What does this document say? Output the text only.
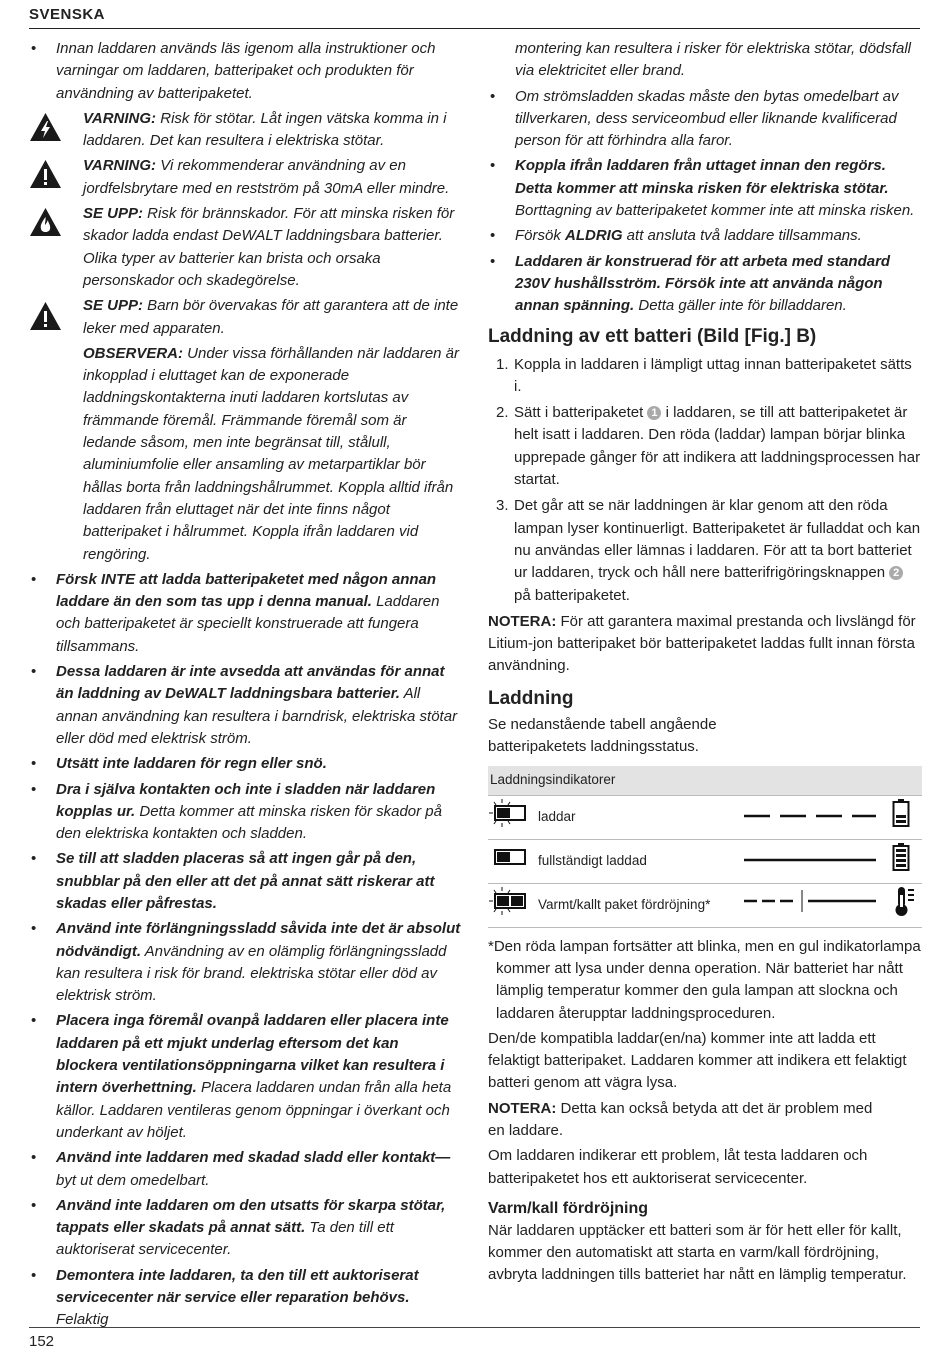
SVENSKA

• Innan laddaren används läs igenom alla instruktioner och varningar om laddaren, batteripaket och produkten för användning av batteripaketet.

VARNING: Risk för stötar. Låt ingen vätska komma in i laddaren. Det kan resultera i elektriska stötar.
VARNING: Vi rekommenderar användning av en jordfelsbrytare med en restström på 30mA eller mindre.
SE UPP: Risk för brännskador. För att minska risken för skador ladda endast DeWALT laddningsbara batterier. Olika typer av batterier kan brista och orsaka personskador och skadegörelse.
SE UPP: Barn bör övervakas för att garantera att de inte leker med apparaten.
OBSERVERA: Under vissa förhållanden när laddaren är inkopplad i eluttaget kan de exponerade laddningskontakterna inuti laddaren kortslutas av främmande föremål. Främmande föremål som är ledande såsom, men inte begränsat till, stålull, aluminiumfolie eller ansamling av metarpartiklar bör hållas borta från laddningshålrummet. Koppla alltid ifrån laddaren från eluttaget när det inte finns något batteripaket i hålrummet. Koppla ifrån laddaren vid rengöring.

• Försk INTE att ladda batteripaketet med någon annan laddare än den som tas upp i denna manual. Laddaren och batteripaketet är speciellt konstruerade att fungera tillsammans.

• Dessa laddaren är inte avsedda att användas för annat än laddning av DeWALT laddningsbara batterier. All annan användning kan resultera i barndrisk, elektriska stötar eller död med elektrisk ström.

• Utsätt inte laddaren för regn eller snö.

• Dra i själva kontakten och inte i sladden när laddaren kopplas ur. Detta kommer att minska risken för skador på den elektriska kontakten och sladden.

• Se till att sladden placeras så att ingen går på den, snubblar på den eller att det på annat sätt riskerar att skadas eller påfrestas.

• Använd inte förlängningssladd såvida inte det är absolut nödvändigt. Användning av en olämplig förlängningssladd kan resultera i risk för brand. elektriska stötar eller död av elektrisk ström.

• Placera inga föremål ovanpå laddaren eller placera inte laddaren på ett mjukt underlag eftersom det kan blockera ventilationsöppningarna vilket kan resultera i intern överhettning. Placera laddaren undan från alla heta källor. Laddaren ventileras genom öppningar i överkant och underkant av höljet.

• Använd inte laddaren med skadad sladd eller kontakt—byt ut dem omedelbart.

• Använd inte laddaren om den utsatts för skarpa stötar, tappats eller skadats på annat sätt. Ta den till ett auktoriserat servicecenter.

• Demontera inte laddaren, ta den till ett auktoriserat servicecenter när service eller reparation behövs. Felaktig

montering kan resultera i risker för elektriska stötar, dödsfall via elektricitet eller brand.

• Om strömsladden skadas måste den bytas omedelbart av tillverkaren, dess serviceombud eller liknande kvalificerad person för att förhindra alla faror.

• Koppla ifrån laddaren från uttaget innan den regörs. Detta kommer att minska risken för elektriska stötar. Borttagning av batteripaketet kommer inte att minska risken.

• Försök ALDRIG att ansluta två laddare tillsammans.

• Laddaren är konstruerad för att arbeta med standard 230V hushållsström. Försök inte att använda någon annan spänning. Detta gäller inte för billaddaren.

Laddning av ett batteri (Bild [Fig.] B)
1. Koppla in laddaren i lämpligt uttag innan batteripaketet sätts i.
2. Sätt i batteripaketet 1 i laddaren, se till att batteripaketet är helt isatt i laddaren. Den röda (laddar) lampan börjar blinka upprepade gånger för att indikera att laddningsprocessen har startat.
3. Det går att se när laddningen är klar genom att den röda lampan lyser kontinuerligt. Batteripaketet är fulladdat och kan nu användas eller lämnas i laddaren. För att ta bort batteriet ur laddaren, tryck och håll nere batterifrigöringsknappen 2 på batteripaketet.

NOTERA: För att garantera maximal prestanda och livslängd för Litium-jon batteripaket bör batteripaketet laddas fullt innan första användning.

Laddning

Se nedanstående tabell angående batteripaketets laddningsstatus.

Laddningsindikatorer			
	laddar		
	fullständigt laddad		
	Varmt/kallt paket fördröjning*		

*Den röda lampan fortsätter att blinka, men en gul indikatorlampa kommer att lysa under denna operation. När batteriet har nått lämplig temperatur kommer den gula lampan att slockna och laddaren återupptar laddningsproceduren.

Den/de kompatibla laddar(en/na) kommer inte att ladda ett felaktigt batteripaket. Laddaren kommer att indikera ett felaktigt batteri genom att vägra lysa.

NOTERA: Detta kan också betyda att det är problem med en laddare.

Om laddaren indikerar ett problem, låt testa laddaren och batteripaketet hos ett auktoriserat servicecenter.

Varm/kall fördröjning

När laddaren upptäcker ett batteri som är för hett eller för kallt, kommer den automatiskt att starta en varm/kall fördröjning, avbryta laddningen tills batteriet har nått en lämplig temperatur.

152
